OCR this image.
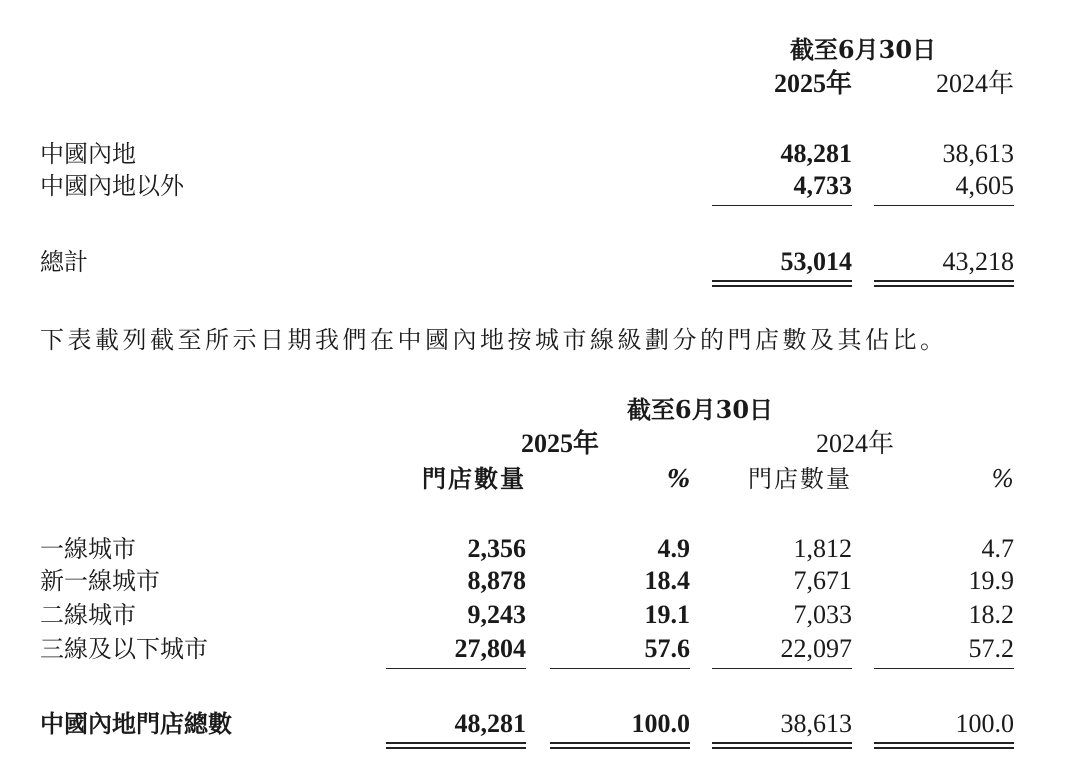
截至6月30日
2025年	2024年
中國內地	48,281	38,613
中國內地以外	4,733	4,605
總計	53,014	43,218
下表載列截至所示日期我們在中國內地按城市線級劃分的門店數及其佔比。
截至6月30日
2025年	2024年
門店數量	%	門店數量	%
一線城市	2,356	4.9	1,812	4.7
新一線城市	8,878	18.4	7,671	19.9
二線城市	9,243	19.1	7,033	18.2
三線及以下城市	27,804	57.6	22,097	57.2
中國內地門店總數	48,281	100.0	38,613	100.0
